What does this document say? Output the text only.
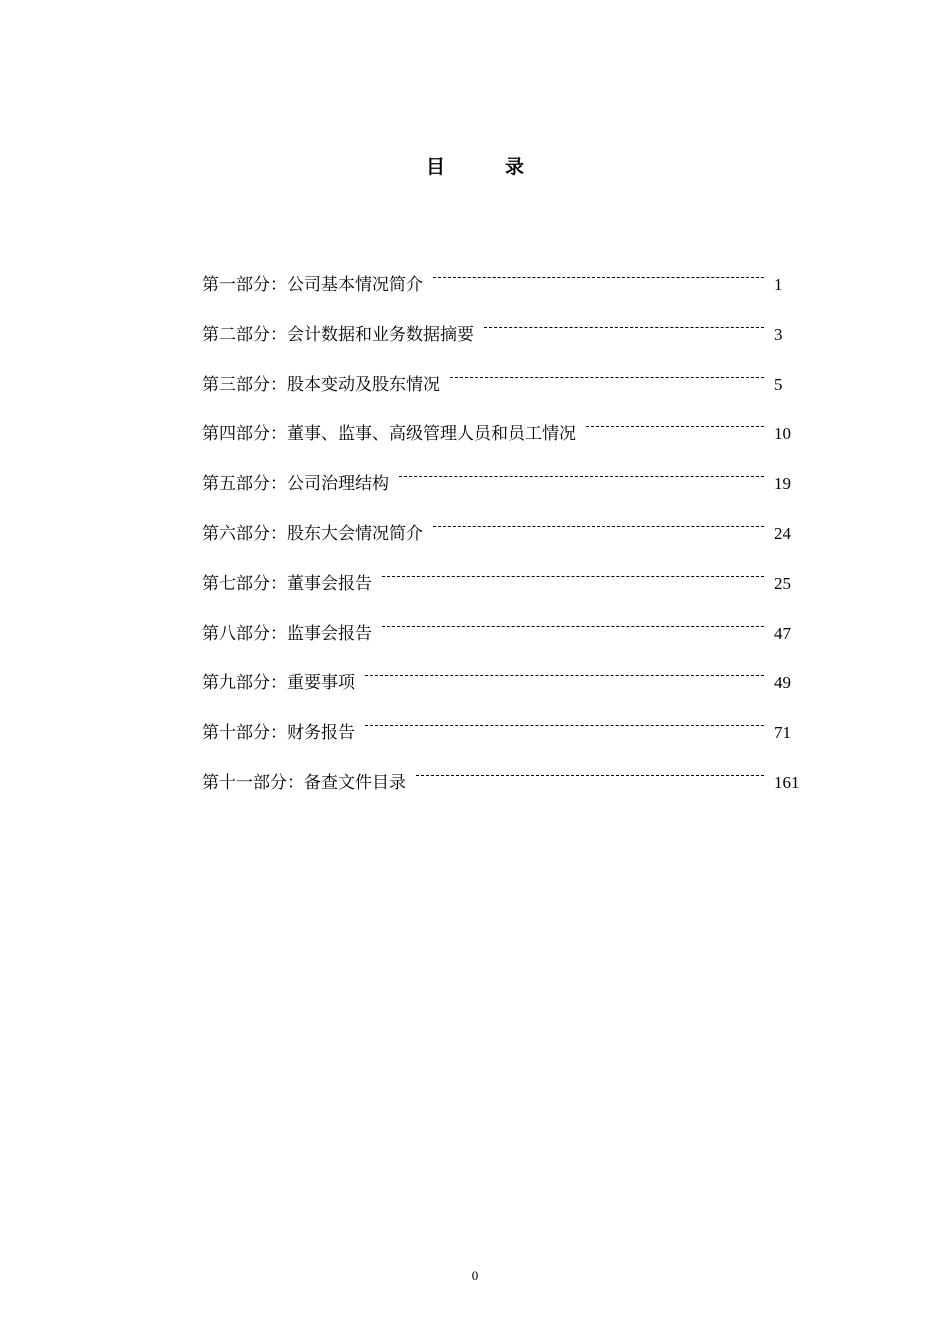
目	录
第一部分：公司基本情况简介	1
第二部分：会计数据和业务数据摘要	3
第三部分：股本变动及股东情况	5
第四部分：董事、监事、高级管理人员和员工情况	10
第五部分：公司治理结构	19
第六部分：股东大会情况简介	24
第七部分：董事会报告	25
第八部分：监事会报告	47
第九部分：重要事项	49
第十部分：财务报告	71
第十一部分：备查文件目录	161
0
